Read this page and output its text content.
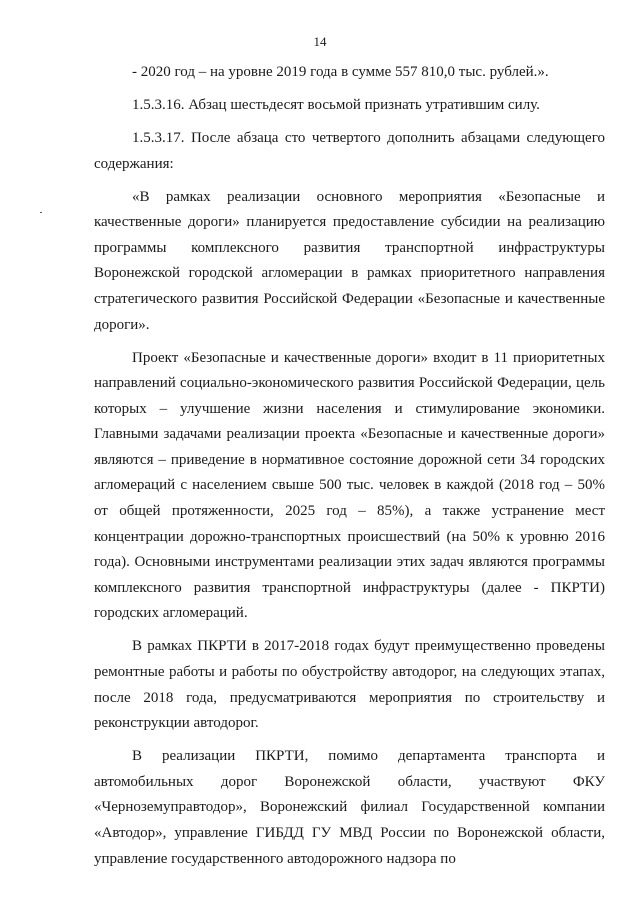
14

- 2020 год – на уровне 2019 года в сумме 557 810,0 тыс. рублей.».

1.5.3.16. Абзац шестьдесят восьмой признать утратившим силу.

1.5.3.17. После абзаца сто четвертого дополнить абзацами следующего содержания:

«В рамках реализации основного мероприятия «Безопасные и качественные дороги» планируется предоставление субсидии на реализацию программы комплексного развития транспортной инфраструктуры Воронежской городской агломерации в рамках приоритетного направления стратегического развития Российской Федерации «Безопасные и качественные дороги».

Проект «Безопасные и качественные дороги» входит в 11 приоритетных направлений социально-экономического развития Российской Федерации, цель которых – улучшение жизни населения и стимулирование экономики. Главными задачами реализации проекта «Безопасные и качественные дороги» являются – приведение в нормативное состояние дорожной сети 34 городских агломераций с населением свыше 500 тыс. человек в каждой (2018 год – 50% от общей протяженности, 2025 год – 85%), а также устранение мест концентрации дорожно-транспортных происшествий (на 50% к уровню 2016 года). Основными инструментами реализации этих задач являются программы комплексного развития транспортной инфраструктуры (далее - ПКРТИ) городских агломераций.

В рамках ПКРТИ в 2017-2018 годах будут преимущественно проведены ремонтные работы и работы по обустройству автодорог, на следующих этапах, после 2018 года, предусматриваются мероприятия по строительству и реконструкции автодорог.

В реализации ПКРТИ, помимо департамента транспорта и автомобильных дорог Воронежской области, участвуют ФКУ «Черноземуправтодор», Воронежский филиал Государственной компании «Автодор», управление ГИБДД ГУ МВД России по Воронежской области, управление государственного автодорожного надзора по
